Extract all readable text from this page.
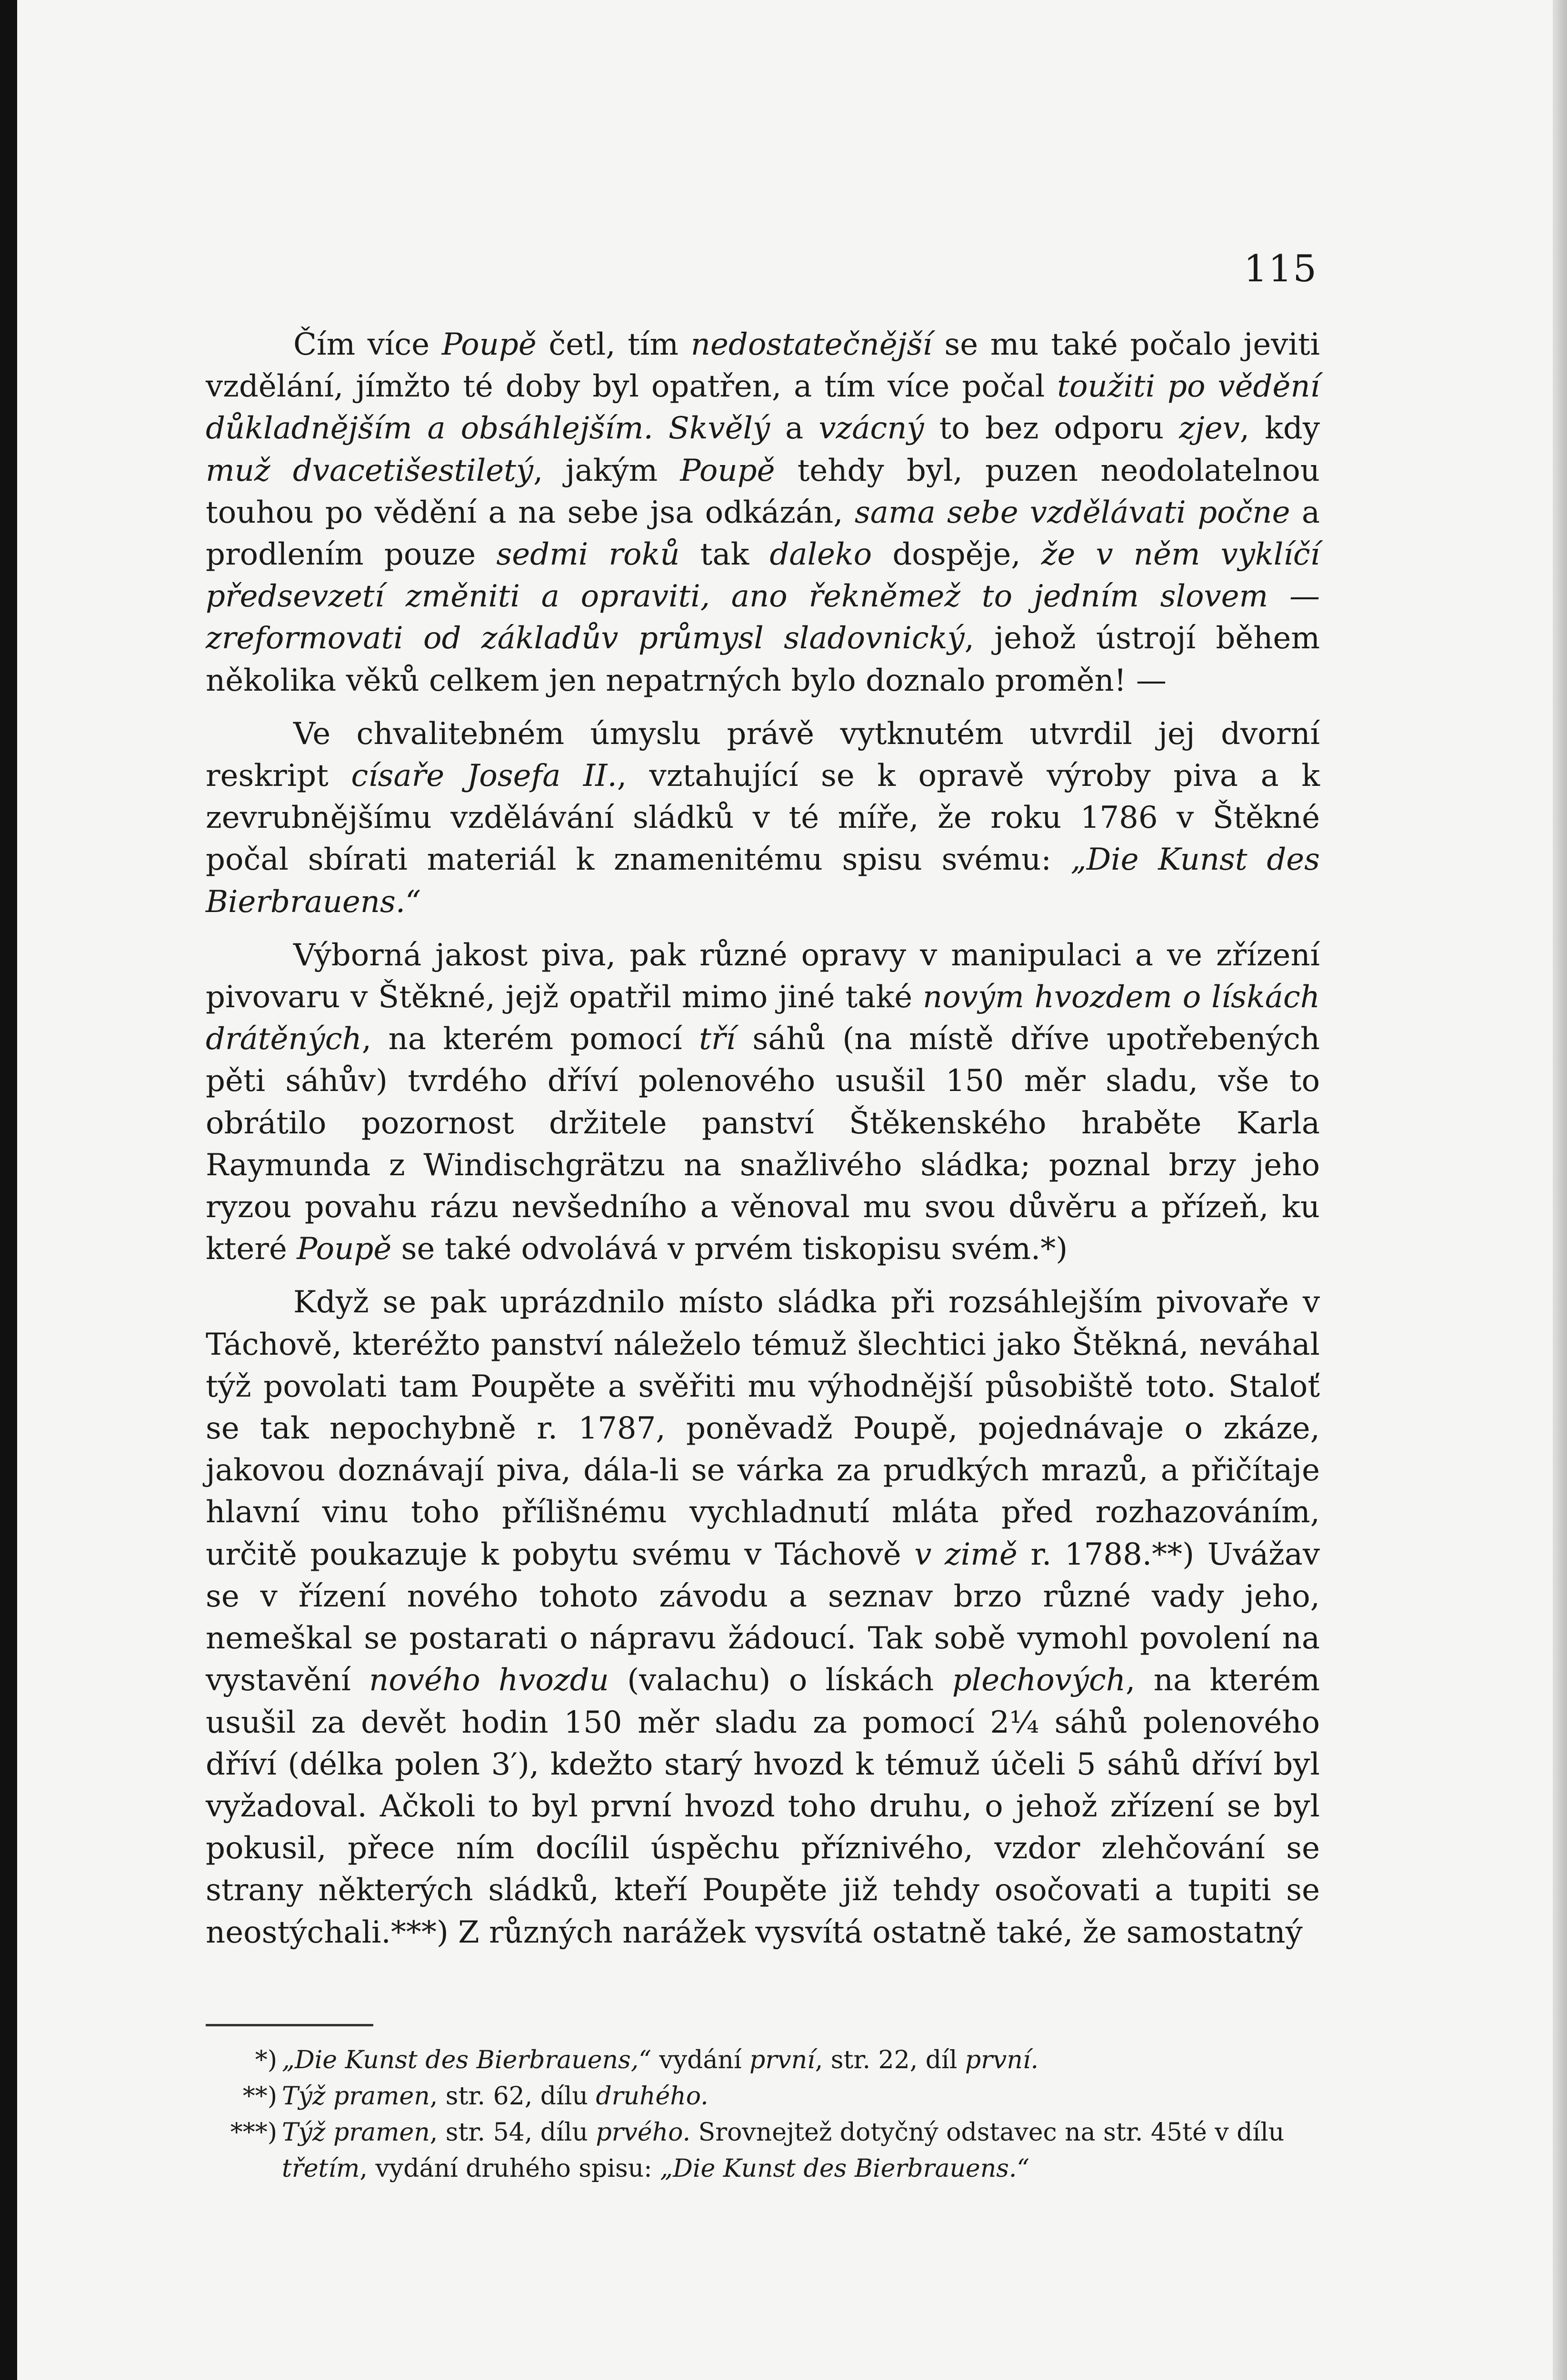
115

Čím více Poupě četl, tím nedostatečnější se mu také počalo jeviti vzdělání, jímžto té doby byl opatřen, a tím více počal toužiti po vědění důkladnějším a obsáhlejším. Skvělý a vzácný to bez odporu zjev, kdy muž dvacetišestiletý, jakým Poupě tehdy byl, puzen neodolatelnou touhou po vědění a na sebe jsa odkázán, sama sebe vzdělávati počne a prodlením pouze sedmi roků tak daleko dospěje, že v něm vyklíčí předsevzetí změniti a opraviti, ano řekněmež to jedním slovem — zreformovati od základův průmysl sladovnický, jehož ústrojí během několika věků celkem jen nepatrných bylo doznalo proměn! —

Ve chvalitebném úmyslu právě vytknutém utvrdil jej dvorní reskript císaře Josefa II., vztahující se k opravě výroby piva a k zevrubnějšímu vzdělávání sládků v té míře, že roku 1786 v Štěkné počal sbírati materiál k znamenitému spisu svému: „Die Kunst des Bierbrauens.“

Výborná jakost piva, pak různé opravy v manipulaci a ve zřízení pivovaru v Štěkné, jejž opatřil mimo jiné také novým hvozdem o lískách drátěných, na kterém pomocí tří sáhů (na místě dříve upotřebených pěti sáhův) tvrdého dříví polenového usušil 150 měr sladu, vše to obrátilo pozornost držitele panství Štěkenského hraběte Karla Raymunda z Windischgrätzu na snažlivého sládka; poznal brzy jeho ryzou povahu rázu nevšedního a věnoval mu svou důvěru a přízeň, ku které Poupě se také odvolává v prvém tiskopisu svém.*)

Když se pak uprázdnilo místo sládka při rozsáhlejším pivovaře v Táchově, kteréžto panství náleželo témuž šlechtici jako Štěkná, neváhal týž povolati tam Poupěte a svěřiti mu výhodnější působiště toto. Staloť se tak nepochybně r. 1787, poněvadž Poupě, pojednávaje o zkáze, jakovou doznávají piva, dála-li se várka za prudkých mrazů, a přičítaje hlavní vinu toho přílišnému vychladnutí mláta před rozhazováním, určitě poukazuje k pobytu svému v Táchově v zimě r. 1788.**) Uvážav se v řízení nového tohoto závodu a seznav brzo různé vady jeho, nemeškal se postarati o nápravu žádoucí. Tak sobě vymohl povolení na vystavění nového hvozdu (valachu) o lískách plechových, na kterém usušil za devět hodin 150 měr sladu za pomocí 2¼ sáhů polenového dříví (délka polen 3′), kdežto starý hvozd k témuž účeli 5 sáhů dříví byl vyžadoval. Ačkoli to byl první hvozd toho druhu, o jehož zřízení se byl pokusil, přece ním docílil úspěchu příznivého, vzdor zlehčování se strany některých sládků, kteří Poupěte již tehdy osočovati a tupiti se neostýchali.***) Z různých narážek vysvítá ostatně také, že samostatný

*) „Die Kunst des Bierbrauens,“ vydání první, str. 22, díl první.
**) Týž pramen, str. 62, dílu druhého.
***) Týž pramen, str. 54, dílu prvého. Srovnejtež dotyčný odstavec na str. 45té v dílu třetím, vydání druhého spisu: „Die Kunst des Bierbrauens.“
